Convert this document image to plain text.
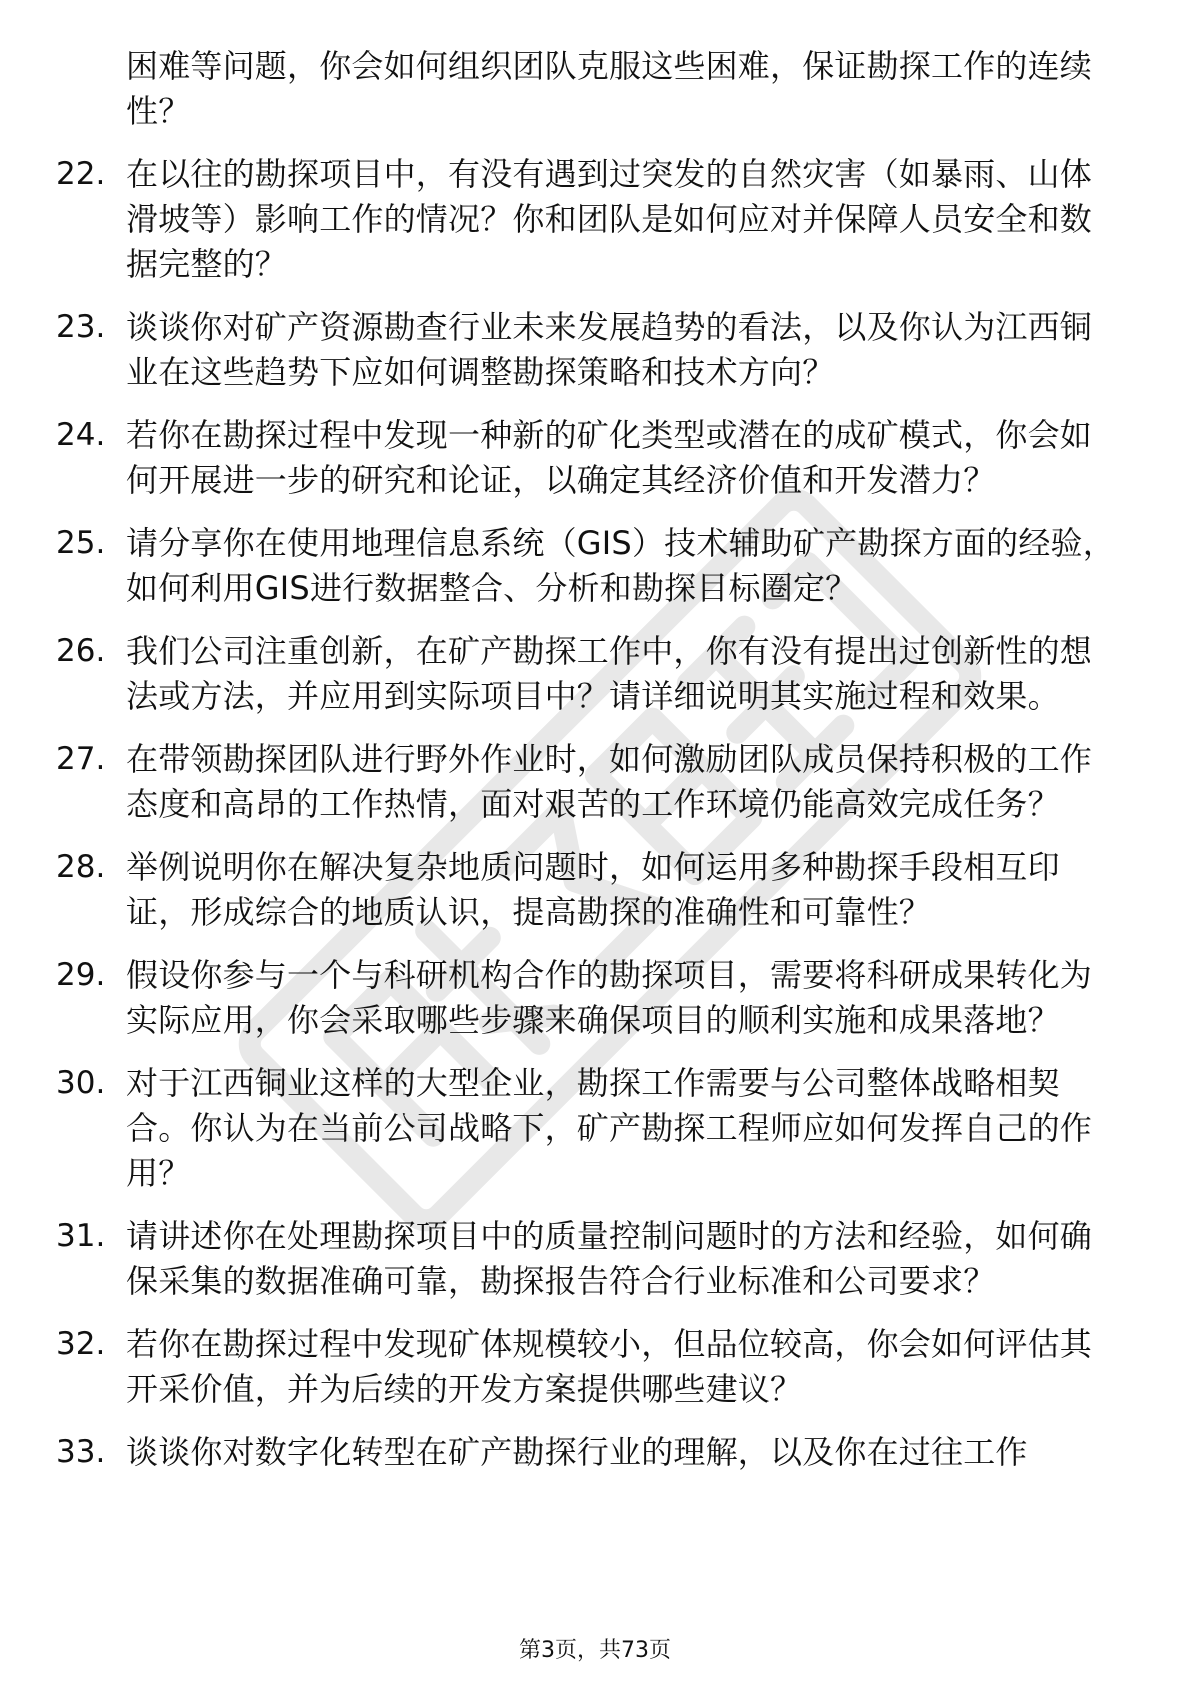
困难等问题，你会如何组织团队克服这些困难，保证勘探工作的连续性？
22. 在以往的勘探项目中，有没有遇到过突发的自然灾害（如暴雨、山体滑坡等）影响工作的情况？你和团队是如何应对并保障人员安全和数据完整的？
23. 谈谈你对矿产资源勘查行业未来发展趋势的看法，以及你认为江西铜业在这些趋势下应如何调整勘探策略和技术方向？
24. 若你在勘探过程中发现一种新的矿化类型或潜在的成矿模式，你会如何开展进一步的研究和论证，以确定其经济价值和开发潜力？
25. 请分享你在使用地理信息系统（GIS）技术辅助矿产勘探方面的经验，如何利用GIS进行数据整合、分析和勘探目标圈定？
26. 我们公司注重创新，在矿产勘探工作中，你有没有提出过创新性的想法或方法，并应用到实际项目中？请详细说明其实施过程和效果。
27. 在带领勘探团队进行野外作业时，如何激励团队成员保持积极的工作态度和高昂的工作热情，面对艰苦的工作环境仍能高效完成任务？
28. 举例说明你在解决复杂地质问题时，如何运用多种勘探手段相互印证，形成综合的地质认识，提高勘探的准确性和可靠性？
29. 假设你参与一个与科研机构合作的勘探项目，需要将科研成果转化为实际应用，你会采取哪些步骤来确保项目的顺利实施和成果落地？
30. 对于江西铜业这样的大型企业，勘探工作需要与公司整体战略相契合。你认为在当前公司战略下，矿产勘探工程师应如何发挥自己的作用？
31. 请讲述你在处理勘探项目中的质量控制问题时的方法和经验，如何确保采集的数据准确可靠，勘探报告符合行业标准和公司要求？
32. 若你在勘探过程中发现矿体规模较小，但品位较高，你会如何评估其开采价值，并为后续的开发方案提供哪些建议？
33. 谈谈你对数字化转型在矿产勘探行业的理解，以及你在过往工作
第3页，共73页
